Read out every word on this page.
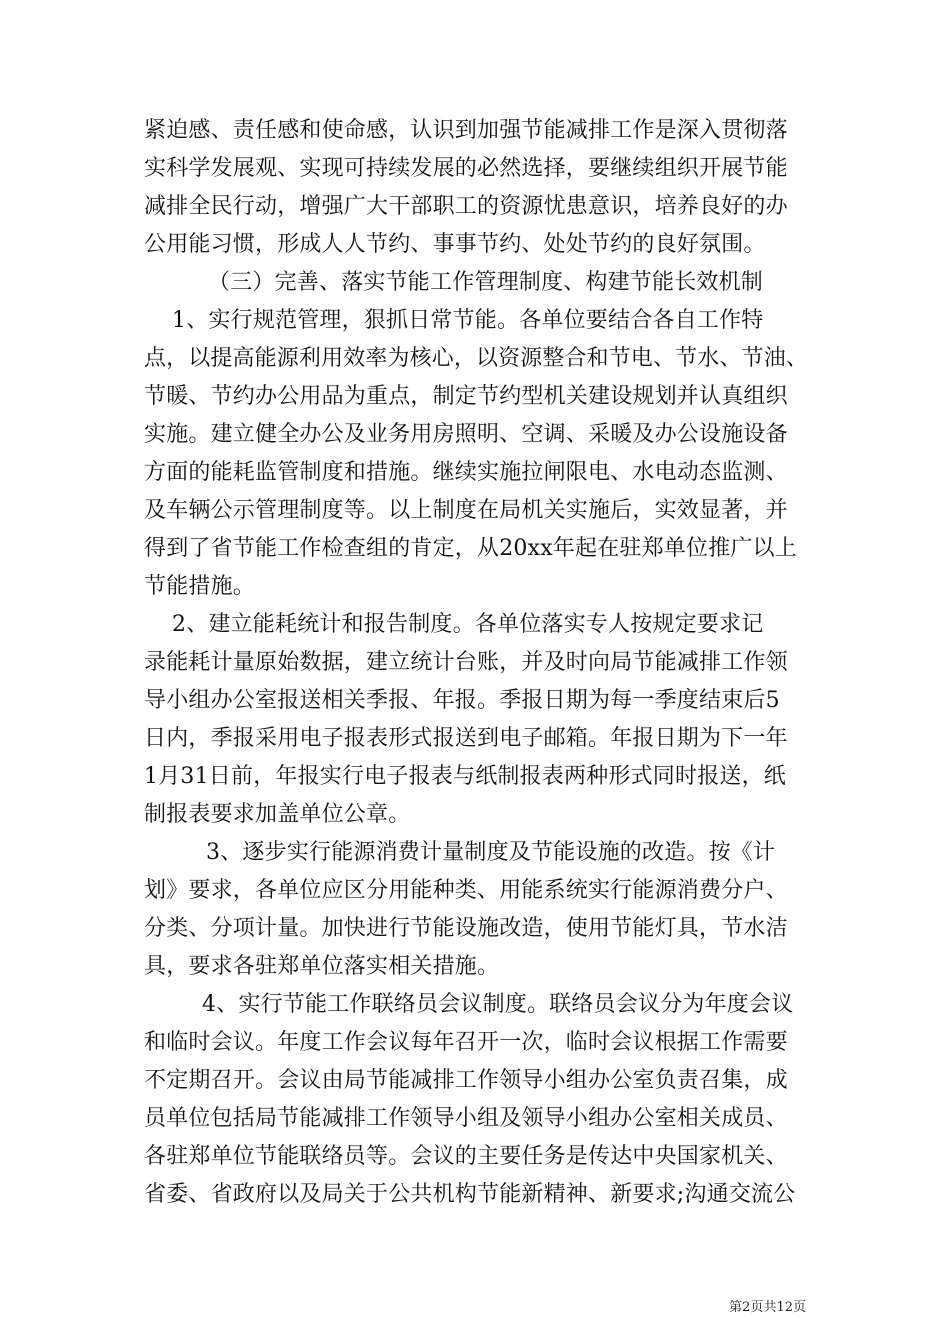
紧迫感、责任感和使命感，认识到加强节能减排工作是深入贯彻落
实科学发展观、实现可持续发展的必然选择，要继续组织开展节能
减排全民行动，增强广大干部职工的资源忧患意识，培养良好的办
公用能习惯，形成人人节约、事事节约、处处节约的良好氛围。
（三）完善、落实节能工作管理制度、构建节能长效机制
1、实行规范管理，狠抓日常节能。各单位要结合各自工作特
点，以提高能源利用效率为核心，以资源整合和节电、节水、节油、
节暖、节约办公用品为重点，制定节约型机关建设规划并认真组织
实施。建立健全办公及业务用房照明、空调、采暖及办公设施设备
方面的能耗监管制度和措施。继续实施拉闸限电、水电动态监测、
及车辆公示管理制度等。以上制度在局机关实施后，实效显著，并
得到了省节能工作检查组的肯定，从20xx年起在驻郑单位推广以上
节能措施。
2、建立能耗统计和报告制度。各单位落实专人按规定要求记
录能耗计量原始数据，建立统计台账，并及时向局节能减排工作领
导小组办公室报送相关季报、年报。季报日期为每一季度结束后5
日内，季报采用电子报表形式报送到电子邮箱。年报日期为下一年
1月31日前，年报实行电子报表与纸制报表两种形式同时报送，纸
制报表要求加盖单位公章。
3、逐步实行能源消费计量制度及节能设施的改造。按《计
划》要求，各单位应区分用能种类、用能系统实行能源消费分户、
分类、分项计量。加快进行节能设施改造，使用节能灯具，节水洁
具，要求各驻郑单位落实相关措施。
4、实行节能工作联络员会议制度。联络员会议分为年度会议
和临时会议。年度工作会议每年召开一次，临时会议根据工作需要
不定期召开。会议由局节能减排工作领导小组办公室负责召集，成
员单位包括局节能减排工作领导小组及领导小组办公室相关成员、
各驻郑单位节能联络员等。会议的主要任务是传达中央国家机关、
省委、省政府以及局关于公共机构节能新精神、新要求;沟通交流公
第2页共12页
